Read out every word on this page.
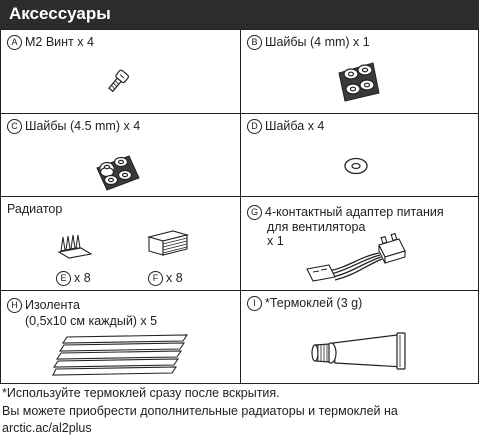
Аксессуары
A M2 Винт x 4	B Шайбы (4 mm) x 1
C Шайбы (4.5 mm) x 4	D Шайба x 4
Радиатор
E x 8	F x 8
G 4-контактный адаптер питания
для вентилятора
x 1
H Изолента
(0,5x10 см каждый) x 5
I *Термоклей (3 g)
*Используйте термоклей сразу после вскрытия.
Вы можете приобрести дополнительные радиаторы и термоклей на
arctic.ac/al2plus
